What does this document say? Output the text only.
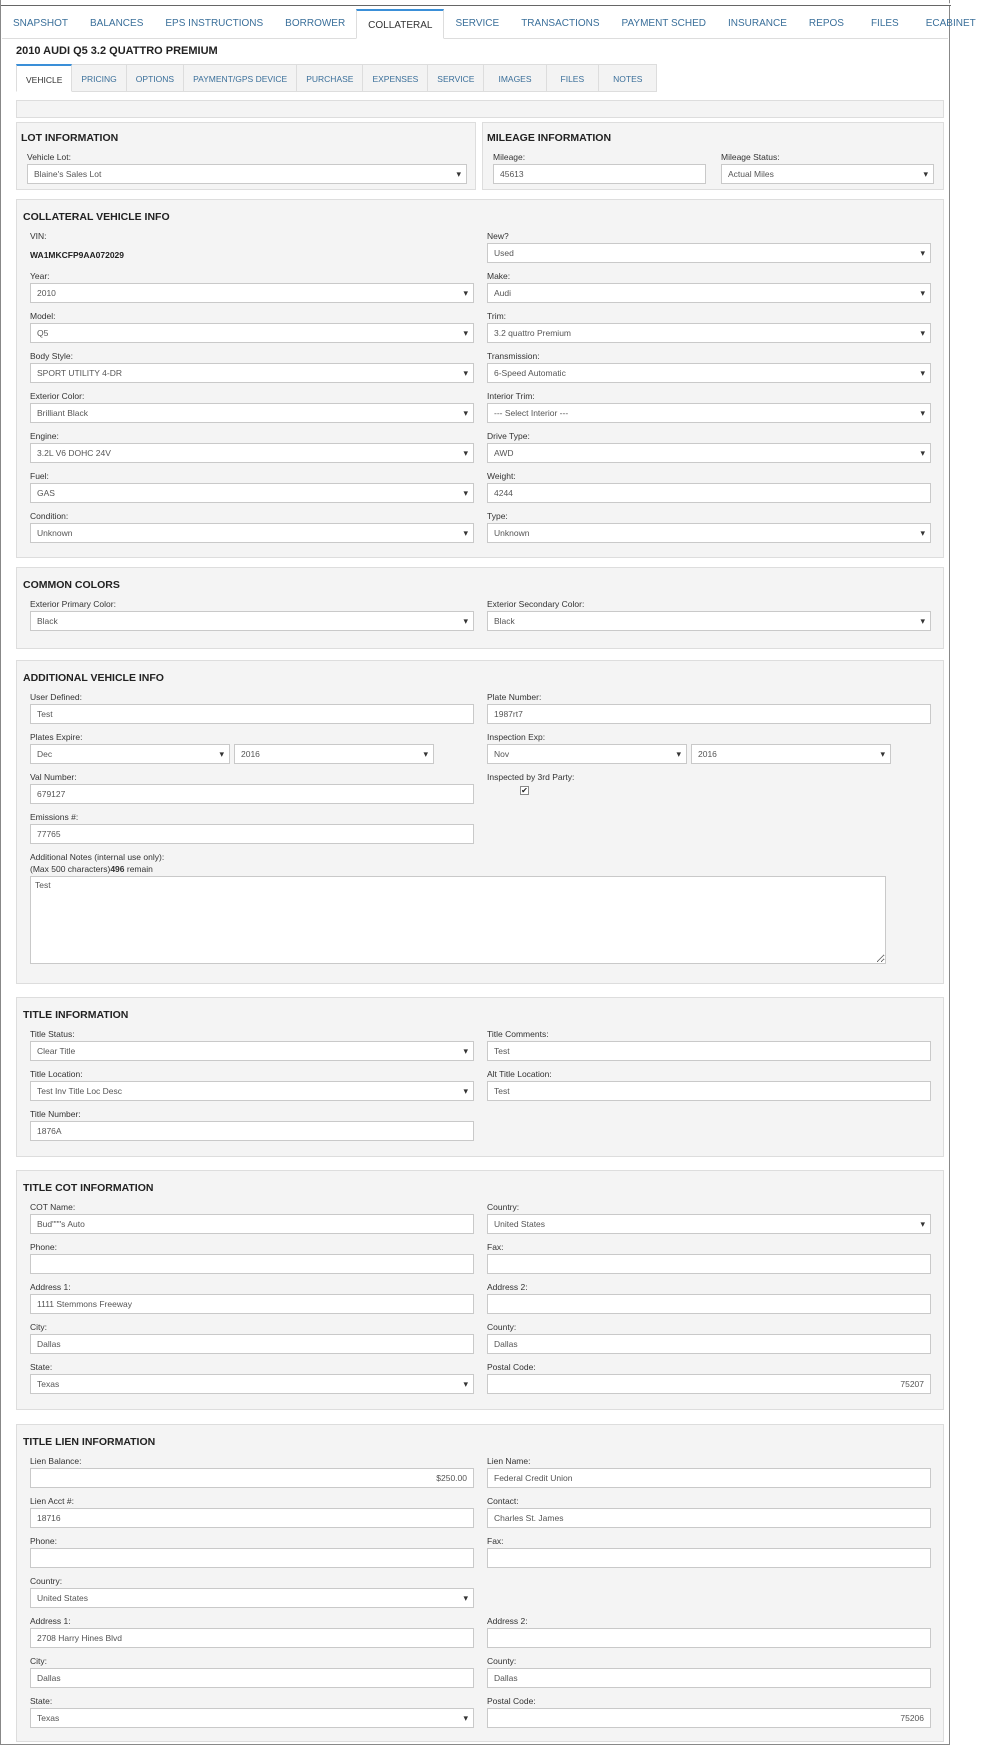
SNAPSHOT	BALANCES	EPS INSTRUCTIONS	BORROWER	COLLATERAL	SERVICE	TRANSACTIONS	PAYMENT SCHED	INSURANCE	REPOS	FILES	ECABINET
2010 AUDI Q5 3.2 QUATTRO PREMIUM
VEHICLE	PRICING	OPTIONS	PAYMENT/GPS DEVICE	PURCHASE	EXPENSES	SERVICE	IMAGES	FILES	NOTES
LOT INFORMATION
Vehicle Lot:
Blaine's Sales Lot ▾
MILEAGE INFORMATION
Mileage:
45613
Mileage Status:
Actual Miles ▾
COLLATERAL VEHICLE INFO
VIN:
WA1MKCFP9AA072029
New?
Used ▾
Year:
2010 ▾
Make:
Audi ▾
Model:
Q5 ▾
Trim:
3.2 quattro Premium ▾
Body Style:
SPORT UTILITY 4-DR ▾
Transmission:
6-Speed Automatic ▾
Exterior Color:
Brilliant Black ▾
Interior Trim:
--- Select Interior --- ▾
Engine:
3.2L V6 DOHC 24V ▾
Drive Type:
AWD ▾
Fuel:
GAS ▾
Weight:
4244
Condition:
Unknown ▾
Type:
Unknown ▾
COMMON COLORS
Exterior Primary Color:
Black ▾
Exterior Secondary Color:
Black ▾
ADDITIONAL VEHICLE INFO
User Defined:
Test
Plate Number:
1987rt7
Plates Expire:
Dec ▾	2016 ▾
Inspection Exp:
Nov ▾	2016 ▾
Val Number:
679127
Inspected by 3rd Party:
✔
Emissions #:
77765
Additional Notes (internal use only):
(Max 500 characters)496 remain
Test
TITLE INFORMATION
Title Status:
Clear Title ▾
Title Comments:
Test
Title Location:
Test Inv Title Loc Desc ▾
Alt Title Location:
Test
Title Number:
1876A
TITLE COT INFORMATION
COT Name:
Bud"""s Auto
Country:
United States ▾
Phone:	Fax:
Address 1:
1111 Stemmons Freeway
Address 2:
City:
Dallas
County:
Dallas
State:
Texas ▾
Postal Code:
75207
TITLE LIEN INFORMATION
Lien Balance:
$250.00
Lien Name:
Federal Credit Union
Lien Acct #:
18716
Contact:
Charles St. James
Phone:	Fax:
Country:
United States ▾
Address 1:
2708 Harry Hines Blvd
Address 2:
City:
Dallas
County:
Dallas
State:
Texas ▾
Postal Code:
75206
